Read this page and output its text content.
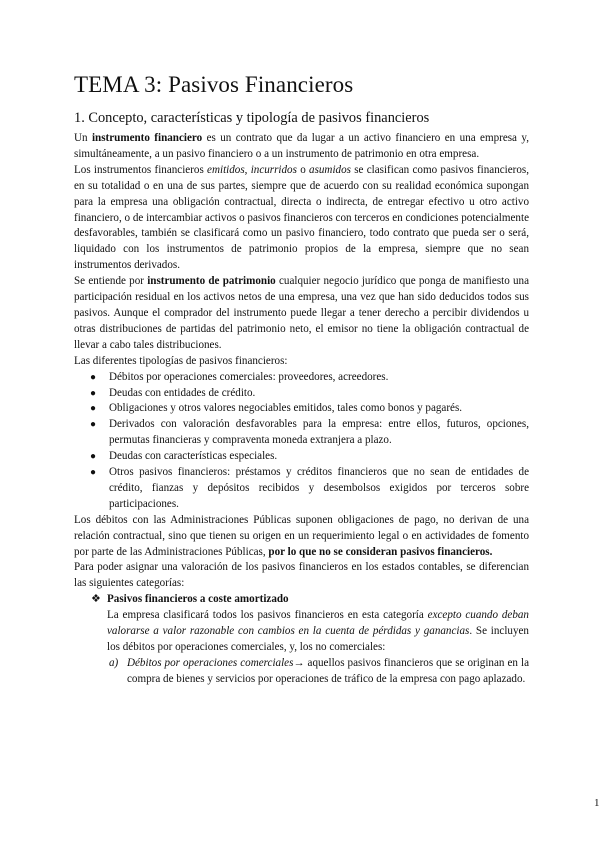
TEMA 3: Pasivos Financieros
1. Concepto, características y tipología de pasivos financieros

Un instrumento financiero es un contrato que da lugar a un activo financiero en una empresa y, simultáneamente, a un pasivo financiero o a un instrumento de patrimonio en otra empresa.

Los instrumentos financieros emitidos, incurridos o asumidos se clasifican como pasivos financieros, en su totalidad o en una de sus partes, siempre que de acuerdo con su realidad económica supongan para la empresa una obligación contractual, directa o indirecta, de entregar efectivo u otro activo financiero, o de intercambiar activos o pasivos financieros con terceros en condiciones potencialmente desfavorables, también se clasificará como un pasivo financiero, todo contrato que pueda ser o será, liquidado con los instrumentos de patrimonio propios de la empresa, siempre que no sean instrumentos derivados.

Se entiende por instrumento de patrimonio cualquier negocio jurídico que ponga de manifiesto una participación residual en los activos netos de una empresa, una vez que han sido deducidos todos sus pasivos. Aunque el comprador del instrumento puede llegar a tener derecho a percibir dividendos u otras distribuciones de partidas del patrimonio neto, el emisor no tiene la obligación contractual de llevar a cabo tales distribuciones.

Las diferentes tipologías de pasivos financieros:

● Débitos por operaciones comerciales: proveedores, acreedores.
● Deudas con entidades de crédito.
● Obligaciones y otros valores negociables emitidos, tales como bonos y pagarés.
● Derivados con valoración desfavorables para la empresa: entre ellos, futuros, opciones, permutas financieras y compraventa moneda extranjera a plazo.
● Deudas con características especiales.
● Otros pasivos financieros: préstamos y créditos financieros que no sean de entidades de crédito, fianzas y depósitos recibidos y desembolsos exigidos por terceros sobre participaciones.

Los débitos con las Administraciones Públicas suponen obligaciones de pago, no derivan de una relación contractual, sino que tienen su origen en un requerimiento legal o en actividades de fomento por parte de las Administraciones Públicas, por lo que no se consideran pasivos financieros.

Para poder asignar una valoración de los pasivos financieros en los estados contables, se diferencian las siguientes categorías:

❖ Pasivos financieros a coste amortizado

La empresa clasificará todos los pasivos financieros en esta categoría excepto cuando deban valorarse a valor razonable con cambios en la cuenta de pérdidas y ganancias. Se incluyen los débitos por operaciones comerciales, y, los no comerciales:

a) Débitos por operaciones comerciales→ aquellos pasivos financieros que se originan en la compra de bienes y servicios por operaciones de tráfico de la empresa con pago aplazado.
1
